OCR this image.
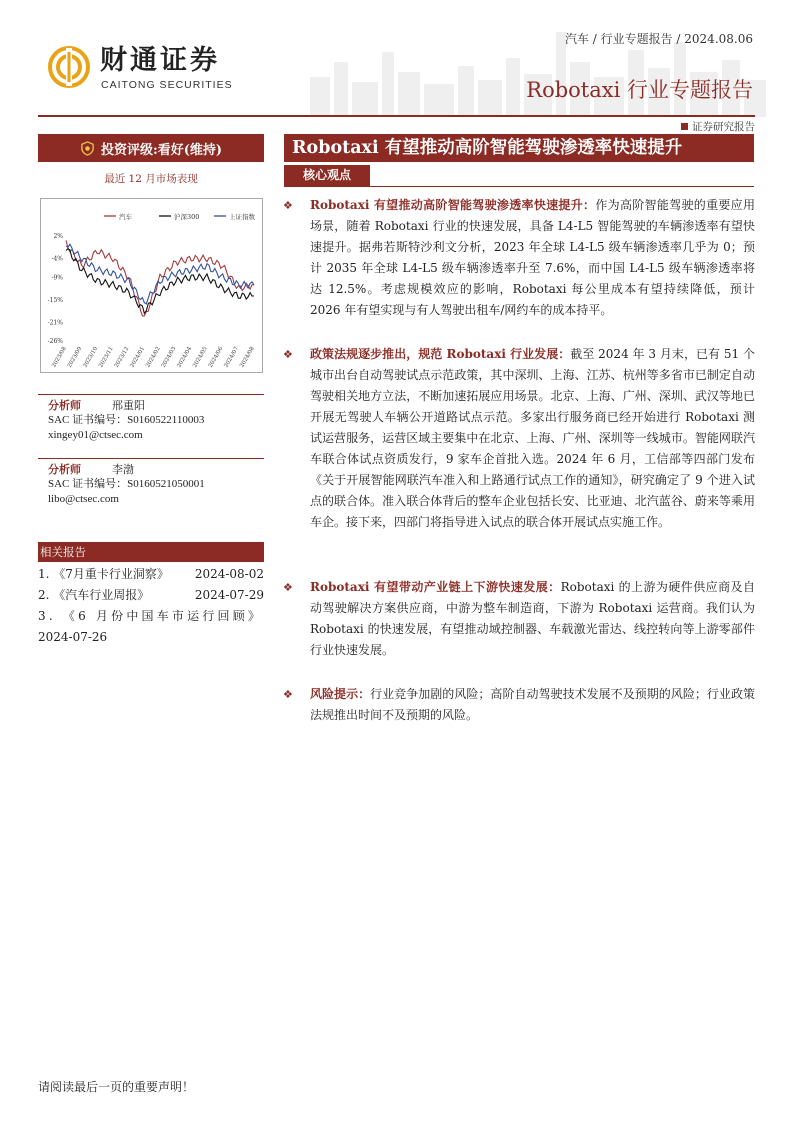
财通证券
CAITONG SECURITIES
汽车 / 行业专题报告 / 2024.08.06
Robotaxi 行业专题报告
证券研究报告
投资评级:看好(维持)
最近 12 月市场表现
汽车	沪深300	上证指数
2%
-4%
-9%
-15%
-21%
-26%
2023/08 2023/09 2023/10 2023/11 2023/12 2024/01 2024/02 2024/03 2024/04 2024/05 2024/06 2024/07 2024/08
分析师	邢重阳
SAC 证书编号：S0160522110003
xingey01@ctsec.com
分析师	李渤
SAC 证书编号：S0160521050001
libo@ctsec.com
相关报告
1. 《7月重卡行业洞察》 2024-08-02
2. 《汽车行业周报》	2024-07-29
3. 《6 月份中国车市运行回顾》
2024-07-26
Robotaxi 有望推动高阶智能驾驶渗透率快速提升
核心观点
❖ Robotaxi 有望推动高阶智能驾驶渗透率快速提升：作为高阶智能驾驶的重要应用场景，随着 Robotaxi 行业的快速发展，具备 L4-L5 智能驾驶的车辆渗透率有望快速提升。据弗若斯特沙利文分析，2023 年全球 L4-L5 级车辆渗透率几乎为 0；预计 2035 年全球 L4-L5 级车辆渗透率升至 7.6%，而中国 L4-L5 级车辆渗透率将达 12.5%。考虑规模效应的影响，Robotaxi 每公里成本有望持续降低，预计 2026 年有望实现与有人驾驶出租车/网约车的成本持平。

❖ 政策法规逐步推出，规范 Robotaxi 行业发展：截至 2024 年 3 月末，已有 51 个城市出台自动驾驶试点示范政策，其中深圳、上海、江苏、杭州等多省市已制定自动驾驶相关地方立法，不断加速拓展应用场景。北京、上海、广州、深圳、武汉等地已开展无驾驶人车辆公开道路试点示范。多家出行服务商已经开始进行 Robotaxi 测试运营服务，运营区域主要集中在北京、上海、广州、深圳等一线城市。智能网联汽车联合体试点资质发行，9 家车企首批入选。2024 年 6 月，工信部等四部门发布《关于开展智能网联汽车准入和上路通行试点工作的通知》，研究确定了 9 个进入试点的联合体。准入联合体背后的整车企业包括长安、比亚迪、北汽蓝谷、蔚来等乘用车企。接下来，四部门将指导进入试点的联合体开展试点实施工作。

❖ Robotaxi 有望带动产业链上下游快速发展：Robotaxi 的上游为硬件供应商及自动驾驶解决方案供应商，中游为整车制造商，下游为 Robotaxi 运营商。我们认为 Robotaxi 的快速发展，有望推动域控制器、车载激光雷达、线控转向等上游零部件行业快速发展。

❖ 风险提示：行业竞争加剧的风险；高阶自动驾驶技术发展不及预期的风险；行业政策法规推出时间不及预期的风险。

请阅读最后一页的重要声明！
